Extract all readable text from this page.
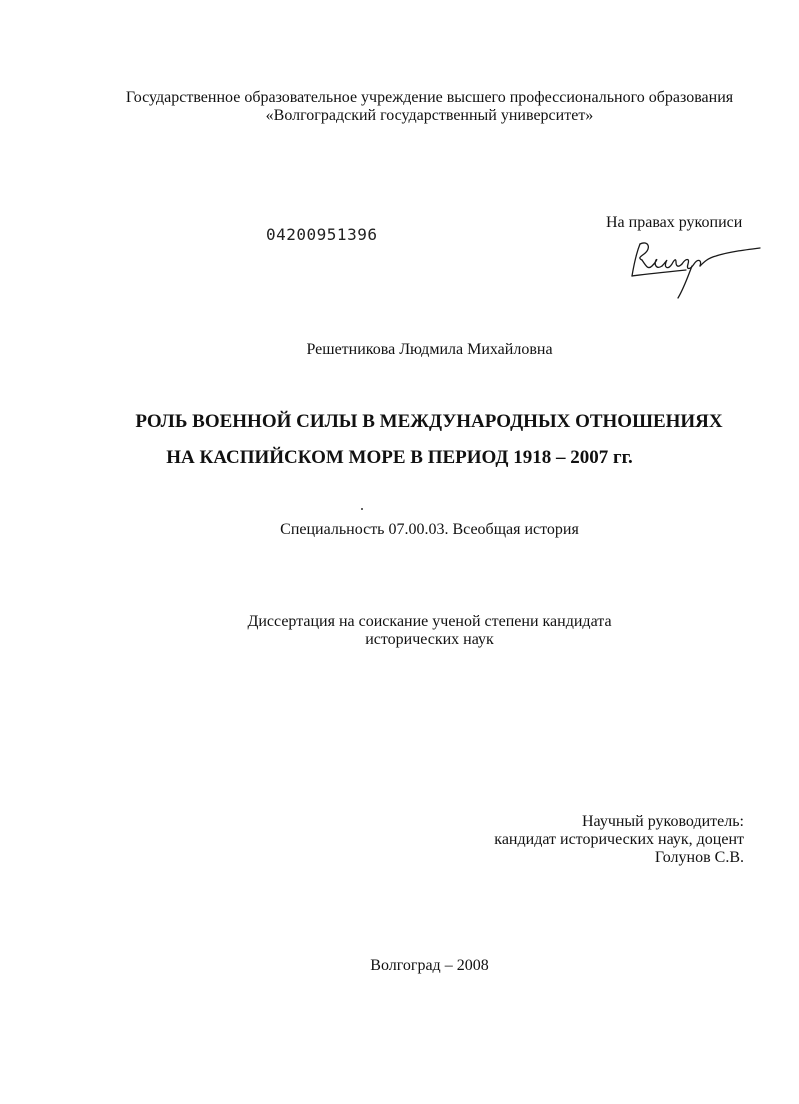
Государственное образовательное учреждение высшего профессионального образования
«Волгоградский государственный университет»
04200951396
На правах рукописи
Решетникова Людмила Михайловна
РОЛЬ ВОЕННОЙ СИЛЫ В МЕЖДУНАРОДНЫХ ОТНОШЕНИЯХ
НА КАСПИЙСКОМ МОРЕ В ПЕРИОД 1918 – 2007 гг.
Специальность 07.00.03. Всеобщая история
Диссертация на соискание ученой степени кандидата
исторических наук
Научный руководитель:
кандидат исторических наук, доцент
Голунов С.В.
Волгоград – 2008
